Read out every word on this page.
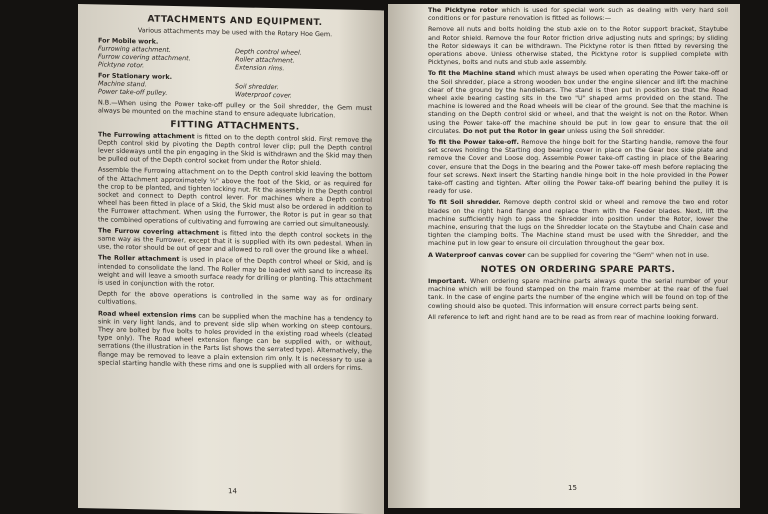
ATTACHMENTS AND EQUIPMENT.

Various attachments may be used with the Rotary Hoe Gem.

For Mobile work.
Furrowing attachment.	Depth control wheel.
Furrow covering attachment.	Roller attachment.
Picktyne rotor.	Extension rims.
For Stationary work.
Machine stand.	Soil shredder.
Power take-off pulley.	Waterproof cover.

N.B.—When using the Power take-off pulley or the Soil shredder, the Gem must always be mounted on the machine stand to ensure adequate lubrication.

FITTING ATTACHMENTS.

The Furrowing attachment is fitted on to the depth control skid. First remove the Depth control skid by pivoting the Depth control lever clip; pull the Depth control lever sideways until the pin engaging in the Skid is withdrawn and the Skid may then be pulled out of the Depth control socket from under the Rotor shield.

Assemble the Furrowing attachment on to the Depth control skid leaving the bottom of the Attachment approximately ½" above the foot of the Skid, or as required for the crop to be planted, and tighten locking nut. Fit the assembly in the Depth control socket and connect to Depth control lever. For machines where a Depth control wheel has been fitted in place of a Skid, the Skid must also be ordered in addition to the Furrower attachment. When using the Furrower, the Rotor is put in gear so that the combined operations of cultivating and furrowing are carried out simultaneously.

The Furrow covering attachment is fitted into the depth control sockets in the same way as the Furrower, except that it is supplied with its own pedestal. When in use, the rotor should be out of gear and allowed to roll over the ground like a wheel.

The Roller attachment is used in place of the Depth control wheel or Skid, and is intended to consolidate the land. The Roller may be loaded with sand to increase its weight and will leave a smooth surface ready for drilling or planting. This attachment is used in conjunction with the rotor.

Depth for the above operations is controlled in the same way as for ordinary cultivations.

Road wheel extension rims can be supplied when the machine has a tendency to sink in very light lands, and to prevent side slip when working on steep contours. They are bolted by five bolts to holes provided in the existing road wheels (cleated type only). The Road wheel extension flange can be supplied with, or without, serrations (the illustration in the Parts list shows the serrated type). Alternatively, the flange may be removed to leave a plain extension rim only. It is necessary to use a special starting handle with these rims and one is supplied with all orders for rims.

14

The Picktyne rotor which is used for special work such as dealing with very hard soil conditions or for pasture renovation is fitted as follows:—

Remove all nuts and bolts holding the stub axle on to the Rotor support bracket, Staytube and Rotor shield. Remove the four Rotor friction drive adjusting nuts and springs; by sliding the Rotor sideways it can be withdrawn. The Picktyne rotor is then fitted by reversing the operations above. Unless otherwise stated, the Picktyne rotor is supplied complete with Picktynes, bolts and nuts and stub axle assembly.

To fit the Machine stand which must always be used when operating the Power take-off or the Soil shredder, place a strong wooden box under the engine silencer and lift the machine clear of the ground by the handlebars. The stand is then put in position so that the Road wheel axle bearing casting sits in the two "U" shaped arms provided on the stand. The machine is lowered and the Road wheels will be clear of the ground. See that the machine is standing on the Depth control skid or wheel, and that the weight is not on the Rotor. When using the Power take-off the machine should be put in low gear to ensure that the oil circulates. Do not put the Rotor in gear unless using the Soil shredder.

To fit the Power take-off. Remove the hinge bolt for the Starting handle, remove the four set screws holding the Starting dog bearing cover in place on the Gear box side plate and remove the Cover and Loose dog. Assemble Power take-off casting in place of the Bearing cover, ensure that the Dogs in the bearing and the Power take-off mesh before replacing the four set screws. Next insert the Starting handle hinge bolt in the hole provided in the Power take-off casting and tighten. After oiling the Power take-off bearing behind the pulley it is ready for use.

To fit Soil shredder. Remove depth control skid or wheel and remove the two end rotor blades on the right hand flange and replace them with the Feeder blades. Next, lift the machine sufficiently high to pass the Shredder into position under the Rotor, lower the machine, ensuring that the lugs on the Shredder locate on the Staytube and Chain case and tighten the clamping bolts. The Machine stand must be used with the Shredder, and the machine put in low gear to ensure oil circulation throughout the gear box.

A Waterproof canvas cover can be supplied for covering the "Gem" when not in use.

NOTES ON ORDERING SPARE PARTS.

Important. When ordering spare machine parts always quote the serial number of your machine which will be found stamped on the main frame member at the rear of the fuel tank. In the case of engine parts the number of the engine which will be found on top of the cowling should also be quoted. This information will ensure correct parts being sent.

All reference to left and right hand are to be read as from rear of machine looking forward.

15
